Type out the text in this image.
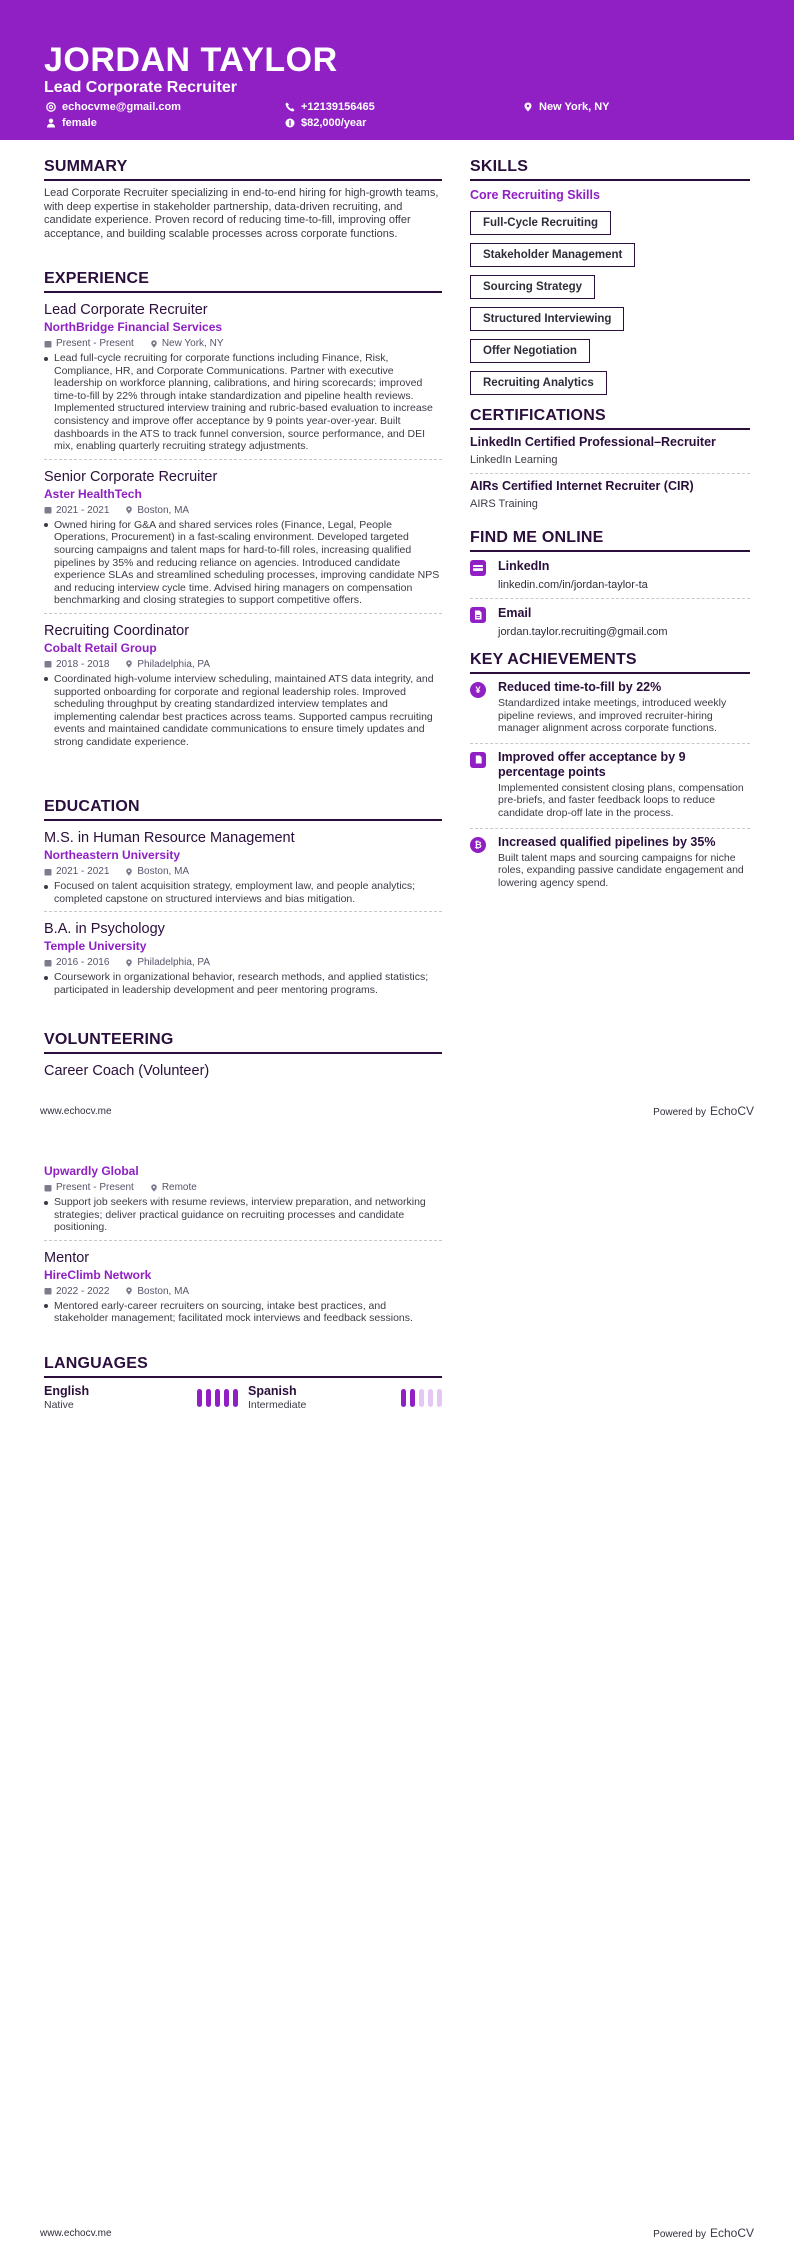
JORDAN TAYLOR
Lead Corporate Recruiter
echocvme@gmail.com	+12139156465	New York, NY
female	$82,000/year
SUMMARY
Lead Corporate Recruiter specializing in end-to-end hiring for high-growth teams, with deep expertise in stakeholder partnership, data-driven recruiting, and candidate experience. Proven record of reducing time-to-fill, improving offer acceptance, and building scalable processes across corporate functions.
EXPERIENCE
Lead Corporate Recruiter
NorthBridge Financial Services
Present - Present	New York, NY
Lead full-cycle recruiting for corporate functions including Finance, Risk, Compliance, HR, and Corporate Communications. Partner with executive leadership on workforce planning, calibrations, and hiring scorecards; improved time-to-fill by 22% through intake standardization and pipeline health reviews. Implemented structured interview training and rubric-based evaluation to increase consistency and improve offer acceptance by 9 points year-over-year. Built dashboards in the ATS to track funnel conversion, source performance, and DEI mix, enabling quarterly recruiting strategy adjustments.
Senior Corporate Recruiter
Aster HealthTech
2021 - 2021	Boston, MA
Owned hiring for G&A and shared services roles (Finance, Legal, People Operations, Procurement) in a fast-scaling environment. Developed targeted sourcing campaigns and talent maps for hard-to-fill roles, increasing qualified pipelines by 35% and reducing reliance on agencies. Introduced candidate experience SLAs and streamlined scheduling processes, improving candidate NPS and reducing interview cycle time. Advised hiring managers on compensation benchmarking and closing strategies to support competitive offers.
Recruiting Coordinator
Cobalt Retail Group
2018 - 2018	Philadelphia, PA
Coordinated high-volume interview scheduling, maintained ATS data integrity, and supported onboarding for corporate and regional leadership roles. Improved scheduling throughput by creating standardized interview templates and implementing calendar best practices across teams. Supported campus recruiting events and maintained candidate communications to ensure timely updates and strong candidate experience.
EDUCATION
M.S. in Human Resource Management
Northeastern University
2021 - 2021	Boston, MA
Focused on talent acquisition strategy, employment law, and people analytics; completed capstone on structured interviews and bias mitigation.
B.A. in Psychology
Temple University
2016 - 2016	Philadelphia, PA
Coursework in organizational behavior, research methods, and applied statistics; participated in leadership development and peer mentoring programs.
VOLUNTEERING
Career Coach (Volunteer)
SKILLS
Core Recruiting Skills
Full-Cycle Recruiting
Stakeholder Management
Sourcing Strategy
Structured Interviewing
Offer Negotiation
Recruiting Analytics
CERTIFICATIONS
LinkedIn Certified Professional–Recruiter
LinkedIn Learning
AIRs Certified Internet Recruiter (CIR)
AIRS Training
FIND ME ONLINE
LinkedIn
linkedin.com/in/jordan-taylor-ta
Email
jordan.taylor.recruiting@gmail.com
KEY ACHIEVEMENTS
¥	Reduced time-to-fill by 22%
Standardized intake meetings, introduced weekly pipeline reviews, and improved recruiter-hiring manager alignment across corporate functions.
Improved offer acceptance by 9 percentage points
Implemented consistent closing plans, compensation pre-briefs, and faster feedback loops to reduce candidate drop-off late in the process.
₿	Increased qualified pipelines by 35%
Built talent maps and sourcing campaigns for niche roles, expanding passive candidate engagement and lowering agency spend.
www.echocv.me	Powered by EchoCV
Upwardly Global
Present - Present	Remote
Support job seekers with resume reviews, interview preparation, and networking strategies; deliver practical guidance on recruiting processes and candidate positioning.
Mentor
HireClimb Network
2022 - 2022	Boston, MA
Mentored early-career recruiters on sourcing, intake best practices, and stakeholder management; facilitated mock interviews and feedback sessions.
LANGUAGES
English
Native
Spanish
Intermediate
www.echocv.me	Powered by EchoCV
